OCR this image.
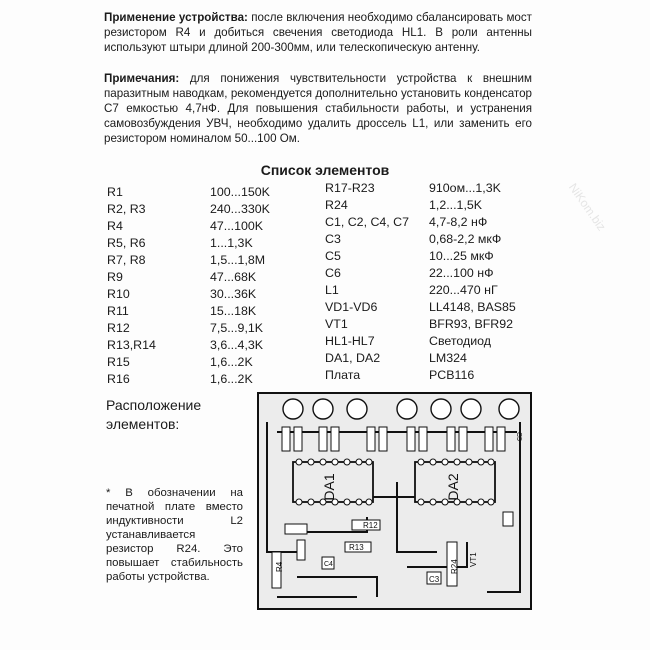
Применение устройства: после включения необходимо сбалансировать мост резистором R4 и добиться свечения светодиода HL1. В роли антенны используют штыри длиной 200-300мм, или телескопическую антенну.
Примечания: для понижения чувствительности устройства к внешним паразитным наводкам, рекомендуется дополнительно установить конденсатор С7 емкостью 4,7нФ. Для повышения стабильности работы, и устранения самовозбуждения УВЧ, необходимо удалить дроссель L1, или заменить его резистором номиналом 50...100 Ом.
Список элементов
R1	100...150K
R2, R3	240...330K
R4	47...100K
R5, R6	1...1,3K
R7, R8	1,5...1,8M
R9	47...68K
R10	30...36K
R11	15...18K
R12	7,5...9,1K
R13,R14	3,6...4,3K
R15	1,6...2K
R16	1,6...2K
R17-R23	910ом...1,3K
R24	1,2...1,5K
C1, C2, C4, C7 4,7-8,2 нФ
C3	0,68-2,2 мкФ
C5	10...25 мкФ
C6	22...100 нФ
L1	220...470 нГ
VD1-VD6	LL4148, BAS85
VT1	BFR93, BFR92
HL1-HL7	Светодиод
DA1, DA2	LM324
Плата	PCB116
Расположение
элементов:
* В обозначении на печатной плате вместо индуктивности L2 устанавливается резистор R24. Это повышает стабильность работы устройства.
DA1	DA2
R12
R13
R4	R24 VT1
C3
C4
C5
NiKom.biz
